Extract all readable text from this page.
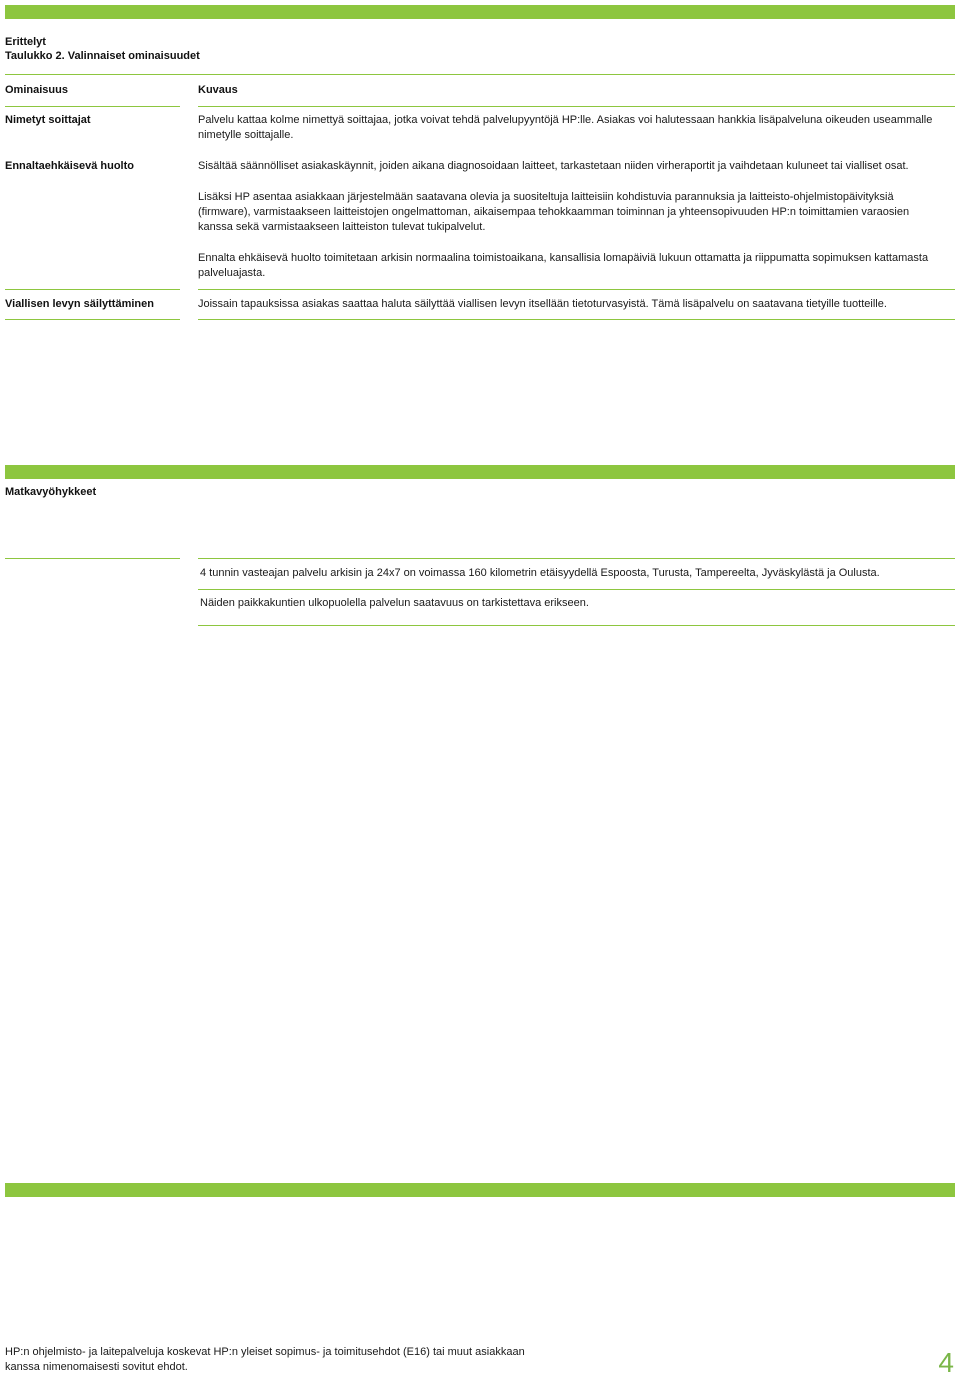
Erittelyt
Taulukko 2. Valinnaiset ominaisuudet
Ominaisuus	Kuvaus
Nimetyt soittajat	Palvelu kattaa kolme nimettyä soittajaa, jotka voivat tehdä palvelupyyntöjä HP:lle. Asiakas voi halutessaan hankkia lisäpalveluna oikeuden useammalle nimetylle soittajalle.
Ennaltaehkäisevä huolto	Sisältää säännölliset asiakaskäynnit, joiden aikana diagnosoidaan laitteet, tarkastetaan niiden virheraportit ja vaihdetaan kuluneet tai vialliset osat.
Lisäksi HP asentaa asiakkaan järjestelmään saatavana olevia ja suositeltuja laitteisiin kohdistuvia parannuksia ja laitteisto-ohjelmistopäivityksiä (firmware), varmistaakseen laitteistojen ongelmattoman, aikaisempaa tehokkaamman toiminnan ja yhteensopivuuden HP:n toimittamien varaosien kanssa sekä varmistaakseen laitteiston tulevat tukipalvelut.
Ennalta ehkäisevä huolto toimitetaan arkisin normaalina toimistoaikana, kansallisia lomapäiviä lukuun ottamatta ja riippumatta sopimuksen kattamasta palveluajasta.
Viallisen levyn säilyttäminen	Joissain tapauksissa asiakas saattaa haluta säilyttää viallisen levyn itsellään tietoturvasyistä. Tämä lisäpalvelu on saatavana tietyille tuotteille.
Matkavyöhykkeet
4 tunnin vasteajan palvelu arkisin ja 24x7 on voimassa 160 kilometrin etäisyydellä Espoosta, Turusta, Tampereelta, Jyväskylästä ja Oulusta.
Näiden paikkakuntien ulkopuolella palvelun saatavuus on tarkistettava erikseen.
HP:n ohjelmisto- ja laitepalveluja koskevat HP:n yleiset sopimus- ja toimitusehdot (E16) tai muut asiakkaan
kanssa nimenomaisesti sovitut ehdot.	4
